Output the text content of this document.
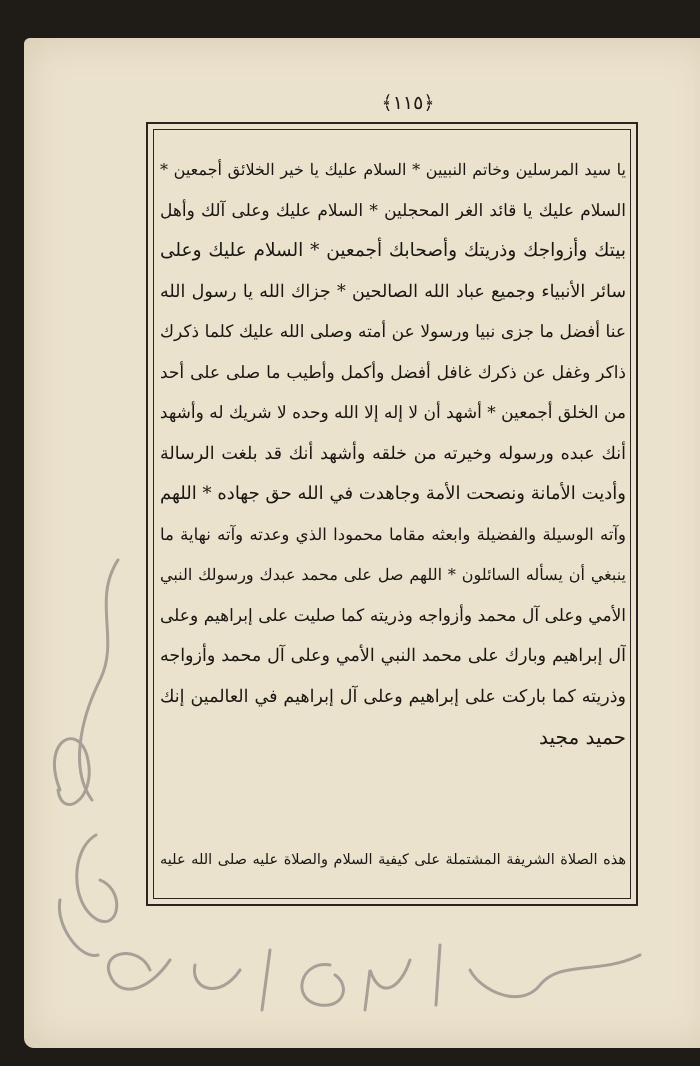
﴿١١٥﴾
يا سيد المرسلين وخاتم النبيين * السلام عليك يا خير الخلائق أجمعين *
السلام عليك يا قائد الغر المحجلين * السلام عليك وعلى آلك وأهل
بيتك وأزواجك وذريتك وأصحابك أجمعين * السلام عليك وعلى
سائر الأنبياء وجميع عباد الله الصالحين * جزاك الله يا رسول الله
عنا أفضل ما جزى نبيا ورسولا عن أمته وصلى الله عليك كلما ذكرك
ذاكر وغفل عن ذكرك غافل أفضل وأكمل وأطيب ما صلى على أحد
من الخلق أجمعين * أشهد أن لا إله إلا الله وحده لا شريك له وأشهد
أنك عبده ورسوله وخيرته من خلقه وأشهد أنك قد بلغت الرسالة
وأديت الأمانة ونصحت الأمة وجاهدت في الله حق جهاده * اللهم
وآته الوسيلة والفضيلة وابعثه مقاما محمودا الذي وعدته وآته نهاية ما
ينبغي أن يسأله السائلون * اللهم صل على محمد عبدك ورسولك النبي
الأمي وعلى آل محمد وأزواجه وذريته كما صليت على إبراهيم وعلى
آل إبراهيم وبارك على محمد النبي الأمي وعلى آل محمد وأزواجه
وذريته كما باركت على إبراهيم وعلى آل إبراهيم في العالمين إنك
حميد مجيد
هذه الصلاة الشريفة المشتملة على كيفية السلام والصلاة عليه صلى الله عليه
